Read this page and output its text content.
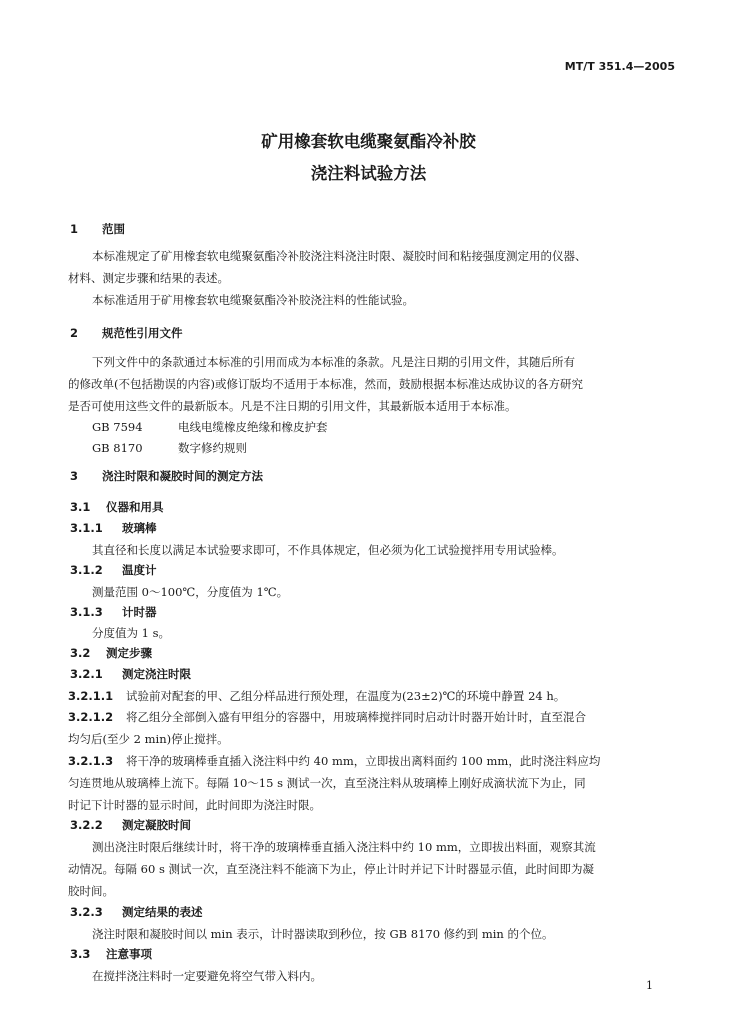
MT/T 351.4—2005
矿用橡套软电缆聚氨酯冷补胶
浇注料试验方法
1 范围
本标准规定了矿用橡套软电缆聚氨酯冷补胶浇注料浇注时限、凝胶时间和粘接强度测定用的仪器、
材料、测定步骤和结果的表述。
本标准适用于矿用橡套软电缆聚氨酯冷补胶浇注料的性能试验。
2 规范性引用文件
下列文件中的条款通过本标准的引用而成为本标准的条款。凡是注日期的引用文件，其随后所有
的修改单(不包括勘误的内容)或修订版均不适用于本标准，然而，鼓励根据本标准达成协议的各方研究
是否可使用这些文件的最新版本。凡是不注日期的引用文件，其最新版本适用于本标准。
GB 7594	电线电缆橡皮绝缘和橡皮护套
GB 8170	数字修约规则
3 浇注时限和凝胶时间的测定方法
3.1 仪器和用具
3.1.1 玻璃棒
其直径和长度以满足本试验要求即可，不作具体规定，但必须为化工试验搅拌用专用试验棒。
3.1.2 温度计
测量范围 0～100℃，分度值为 1℃。
3.1.3 计时器
分度值为 1 s。
3.2 测定步骤
3.2.1 测定浇注时限
3.2.1.1 试验前对配套的甲、乙组分样品进行预处理，在温度为(23±2)℃的环境中静置 24 h。
3.2.1.2 将乙组分全部倒入盛有甲组分的容器中，用玻璃棒搅拌同时启动计时器开始计时，直至混合
均匀后(至少 2 min)停止搅拌。
3.2.1.3 将干净的玻璃棒垂直插入浇注料中约 40 mm，立即拔出离料面约 100 mm，此时浇注料应均
匀连贯地从玻璃棒上流下。每隔 10～15 s 测试一次，直至浇注料从玻璃棒上刚好成滴状流下为止，同
时记下计时器的显示时间，此时间即为浇注时限。
3.2.2 测定凝胶时间
测出浇注时限后继续计时，将干净的玻璃棒垂直插入浇注料中约 10 mm，立即拔出料面，观察其流
动情况。每隔 60 s 测试一次，直至浇注料不能滴下为止，停止计时并记下计时器显示值，此时间即为凝
胶时间。
3.2.3 测定结果的表述
浇注时限和凝胶时间以 min 表示，计时器读取到秒位，按 GB 8170 修约到 min 的个位。
3.3 注意事项
在搅拌浇注料时一定要避免将空气带入料内。
1
